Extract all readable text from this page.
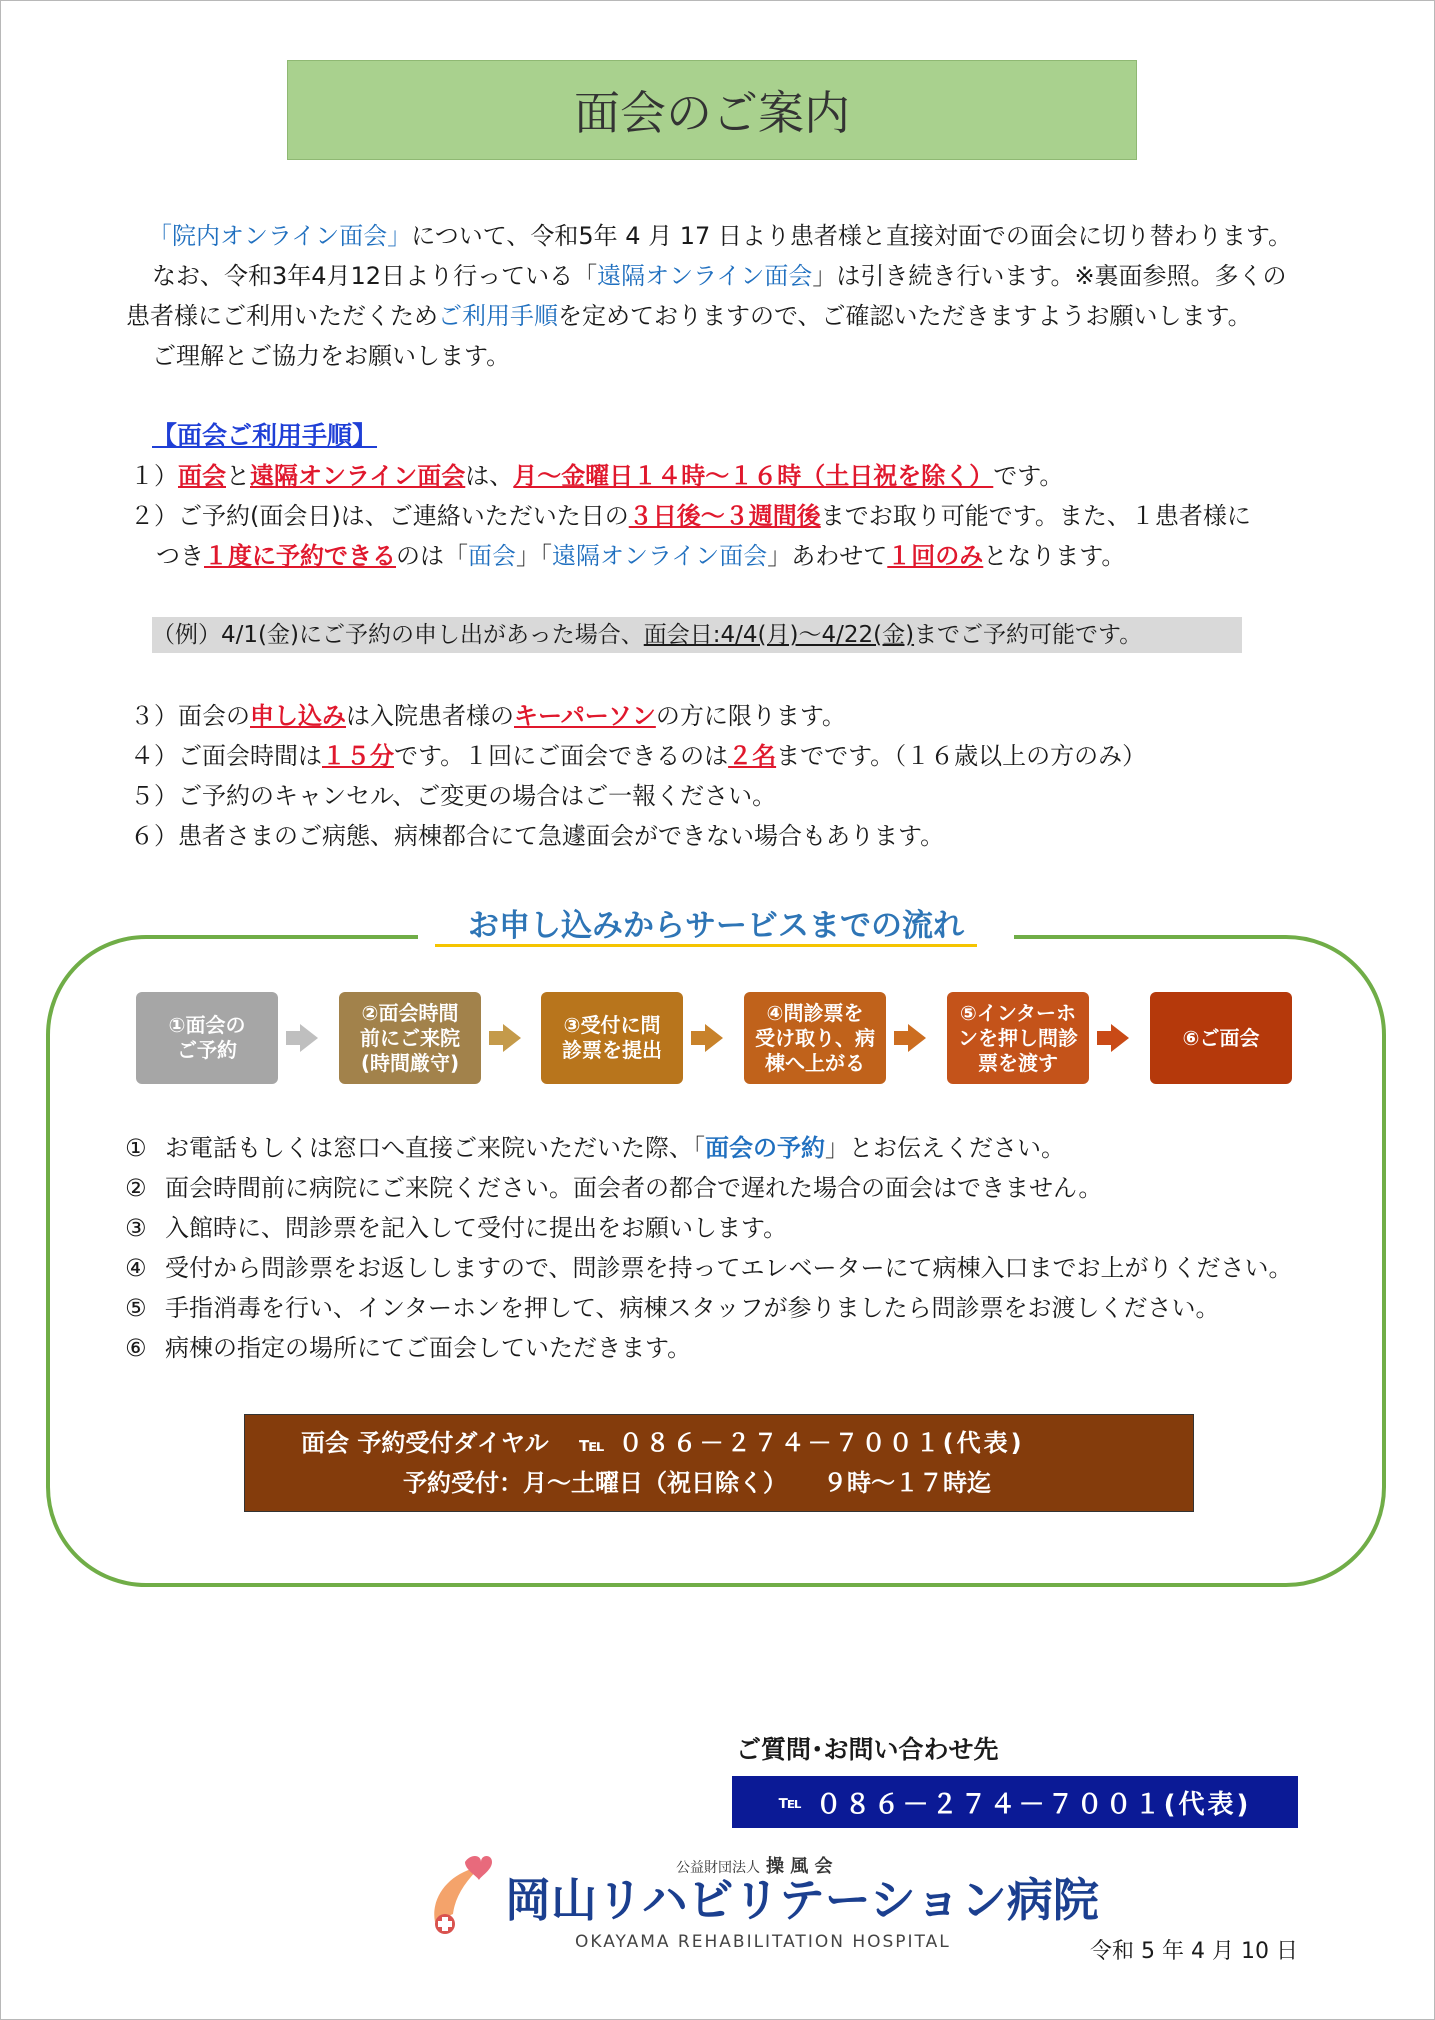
面会のご案内
「院内オンライン面会」について、令和5年 4 月 17 日より患者様と直接対面での面会に切り替わります。
なお、令和3年4月12日より行っている「遠隔オンライン面会」は引き続き行います。※裏面参照。多くの
患者様にご利用いただくためご利用手順を定めておりますので、ご確認いただきますようお願いします。
ご理解とご協力をお願いします。
【面会ご利用手順】
１）面会と遠隔オンライン面会は、月～金曜日１４時～１６時（土日祝を除く）です。
２）ご予約(面会日)は、ご連絡いただいた日の３日後～３週間後までお取り可能です。また、１患者様に
つき１度に予約できるのは「面会」「遠隔オンライン面会」あわせて１回のみとなります。
（例）4/1(金)にご予約の申し出があった場合、面会日:4/4(月)～4/22(金)までご予約可能です。
３）面会の申し込みは入院患者様のキーパーソンの方に限ります。
４）ご面会時間は１５分です。１回にご面会できるのは２名までです。（１６歳以上の方のみ）
５）ご予約のキャンセル、ご変更の場合はご一報ください。
６）患者さまのご病態、病棟都合にて急遽面会ができない場合もあります。
お申し込みからサービスまでの流れ
①面会の
ご予約
②面会時間
前にご来院
(時間厳守)
③受付に問
診票を提出
④問診票を
受け取り、病
棟へ上がる
⑤インターホ
ンを押し問診
票を渡す
⑥ご面会
① お電話もしくは窓口へ直接ご来院いただいた際、「面会の予約」とお伝えください。
② 面会時間前に病院にご来院ください。面会者の都合で遅れた場合の面会はできません。
③ 入館時に、問診票を記入して受付に提出をお願いします。
④ 受付から問診票をお返ししますので、問診票を持ってエレベーターにて病棟入口までお上がりください。
⑤ 手指消毒を行い、インターホンを押して、病棟スタッフが参りましたら問診票をお渡しください。
⑥ 病棟の指定の場所にてご面会していただきます。
面会 予約受付ダイヤル ℡ ０８６－２７４－７００１(代表)
予約受付：月～土曜日（祝日除く）　　９時～１７時迄
ご質問･お問い合わせ先
℡ ０８６－２７４－７００１(代表)
公益財団法人 操 風 会
岡山リハビリテーション病院
OKAYAMA REHABILITATION HOSPITAL	令和 5 年 4 月 10 日
